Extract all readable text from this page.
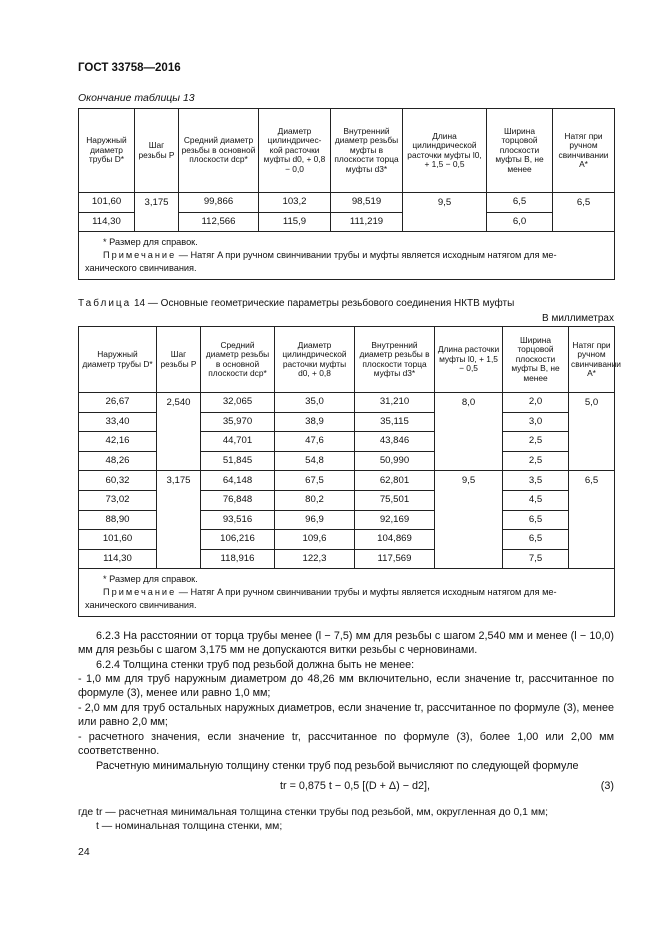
ГОСТ 33758—2016
Окончание таблицы 13
Наружный диаметр трубы D*	Шаг резьбы P	Средний диаметр резьбы в основной плоскости dср*	Диаметр цилиндричес- кой расточки муфты d0, + 0,8 − 0,0	Внутренний диаметр резьбы муфты в плоскости торца муфты d3*	Длина цилиндрической расточки муфты l0, + 1,5 − 0,5	Ширина торцовой плоскости муфты B, не менее	Натяг при ручном свинчивании A*
101,60	3,175	99,866	103,2	98,519	9,5	6,5	6,5
114,30		112,566	115,9	111,219		6,0	

* Размер для справок.
Примечание — Натяг A при ручном свинчивании трубы и муфты является исходным натягом для ме-
ханического свинчивания.							
Таблица 14 — Основные геометрические параметры резьбового соединения НКТВ муфты
В миллиметрах
Наружный диаметр трубы D*	Шаг резьбы P	Средний диаметр резьбы в основной плоскости dср*	Диаметр цилиндрической расточки муфты d0, + 0,8	Внутренний диаметр резьбы в плоскости торца муфты d3*	Длина расточки муфты l0, + 1,5 − 0,5	Ширина торцовой плоскости муфты B, не менее	Натяг при ручном свинчивании A*
26,67	2,540	32,065	35,0	31,210	8,0	2,0	5,0
33,40		35,970	38,9	35,115		3,0	
42,16		44,701	47,6	43,846		2,5	
48,26		51,845	54,8	50,990		2,5	
60,32	3,175	64,148	67,5	62,801	9,5	3,5	6,5
73,02		76,848	80,2	75,501		4,5	
88,90		93,516	96,9	92,169		6,5	
101,60		106,216	109,6	104,869		6,5	
114,30		118,916	122,3	117,569		7,5	

* Размер для справок.
Примечание — Натяг A при ручном свинчивании трубы и муфты является исходным натягом для ме-
ханического свинчивания.							
6.2.3 На расстоянии от торца трубы менее (l − 7,5) мм для резьбы с шагом 2,540 мм и менее (l − 10,0) мм для резьбы с шагом 3,175 мм не допускаются витки резьбы с черновинами.
6.2.4 Толщина стенки труб под резьбой должна быть не менее:
- 1,0 мм для труб наружным диаметром до 48,26 мм включительно, если значение tr, рассчитанное по формуле (3), менее или равно 1,0 мм;
- 2,0 мм для труб остальных наружных диаметров, если значение tr, рассчитанное по формуле (3), менее или равно 2,0 мм;
- расчетного значения, если значение tr, рассчитанное по формуле (3), более 1,00 или 2,00 мм соответственно.
Расчетную минимальную толщину стенки труб под резьбой вычисляют по следующей формуле
tr = 0,875 t − 0,5 [(D + Δ) − d2],	(3)
где tr — расчетная минимальная толщина стенки трубы под резьбой, мм, округленная до 0,1 мм;
t — номинальная толщина стенки, мм;
24
